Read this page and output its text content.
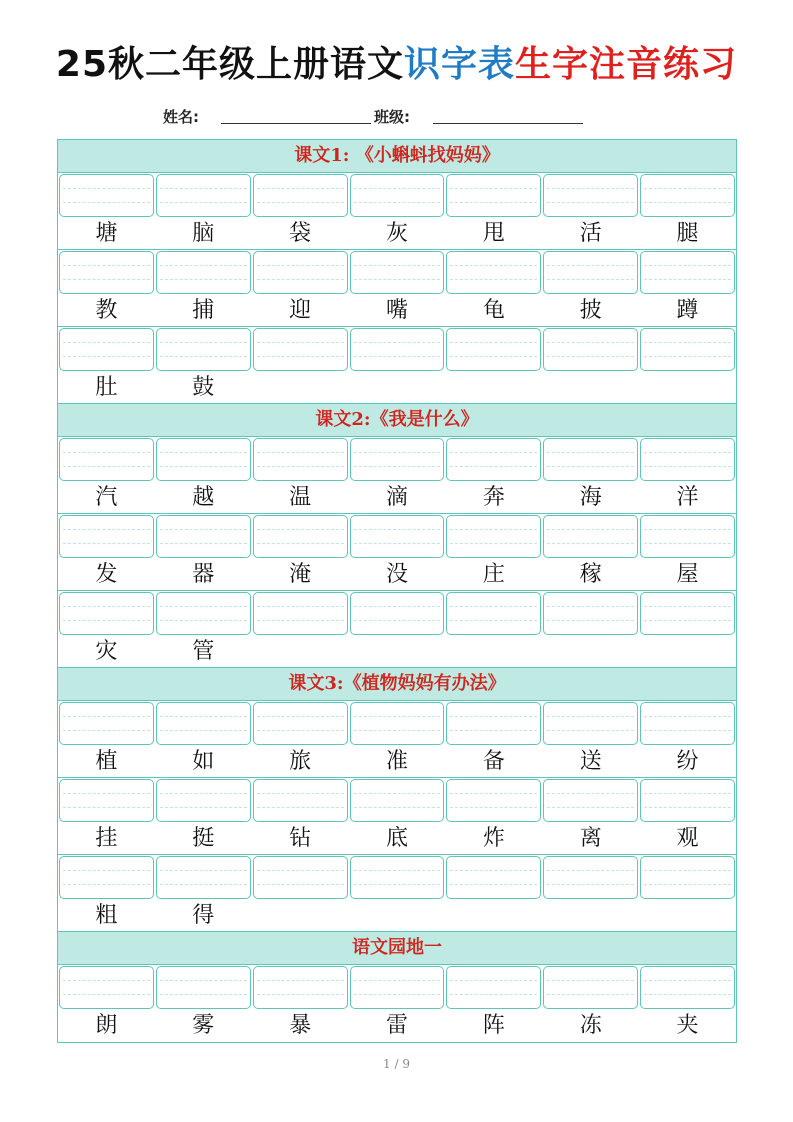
25秋二年级上册语文识字表生字注音练习
姓名:	班级:
课文1: 《小蝌蚪找妈妈》
塘	脑	袋	灰	甩	活	腿
教	捕	迎	嘴	龟	披	蹲
肚	鼓
课文2:《我是什么》
汽	越	温	滴	奔	海	洋
发	器	淹	没	庄	稼	屋
灾	管
课文3:《植物妈妈有办法》
植	如	旅	准	备	送	纷
挂	挺	钻	底	炸	离	观
粗	得
语文园地一
朗	雾	暴	雷	阵	冻	夹
1 / 9
